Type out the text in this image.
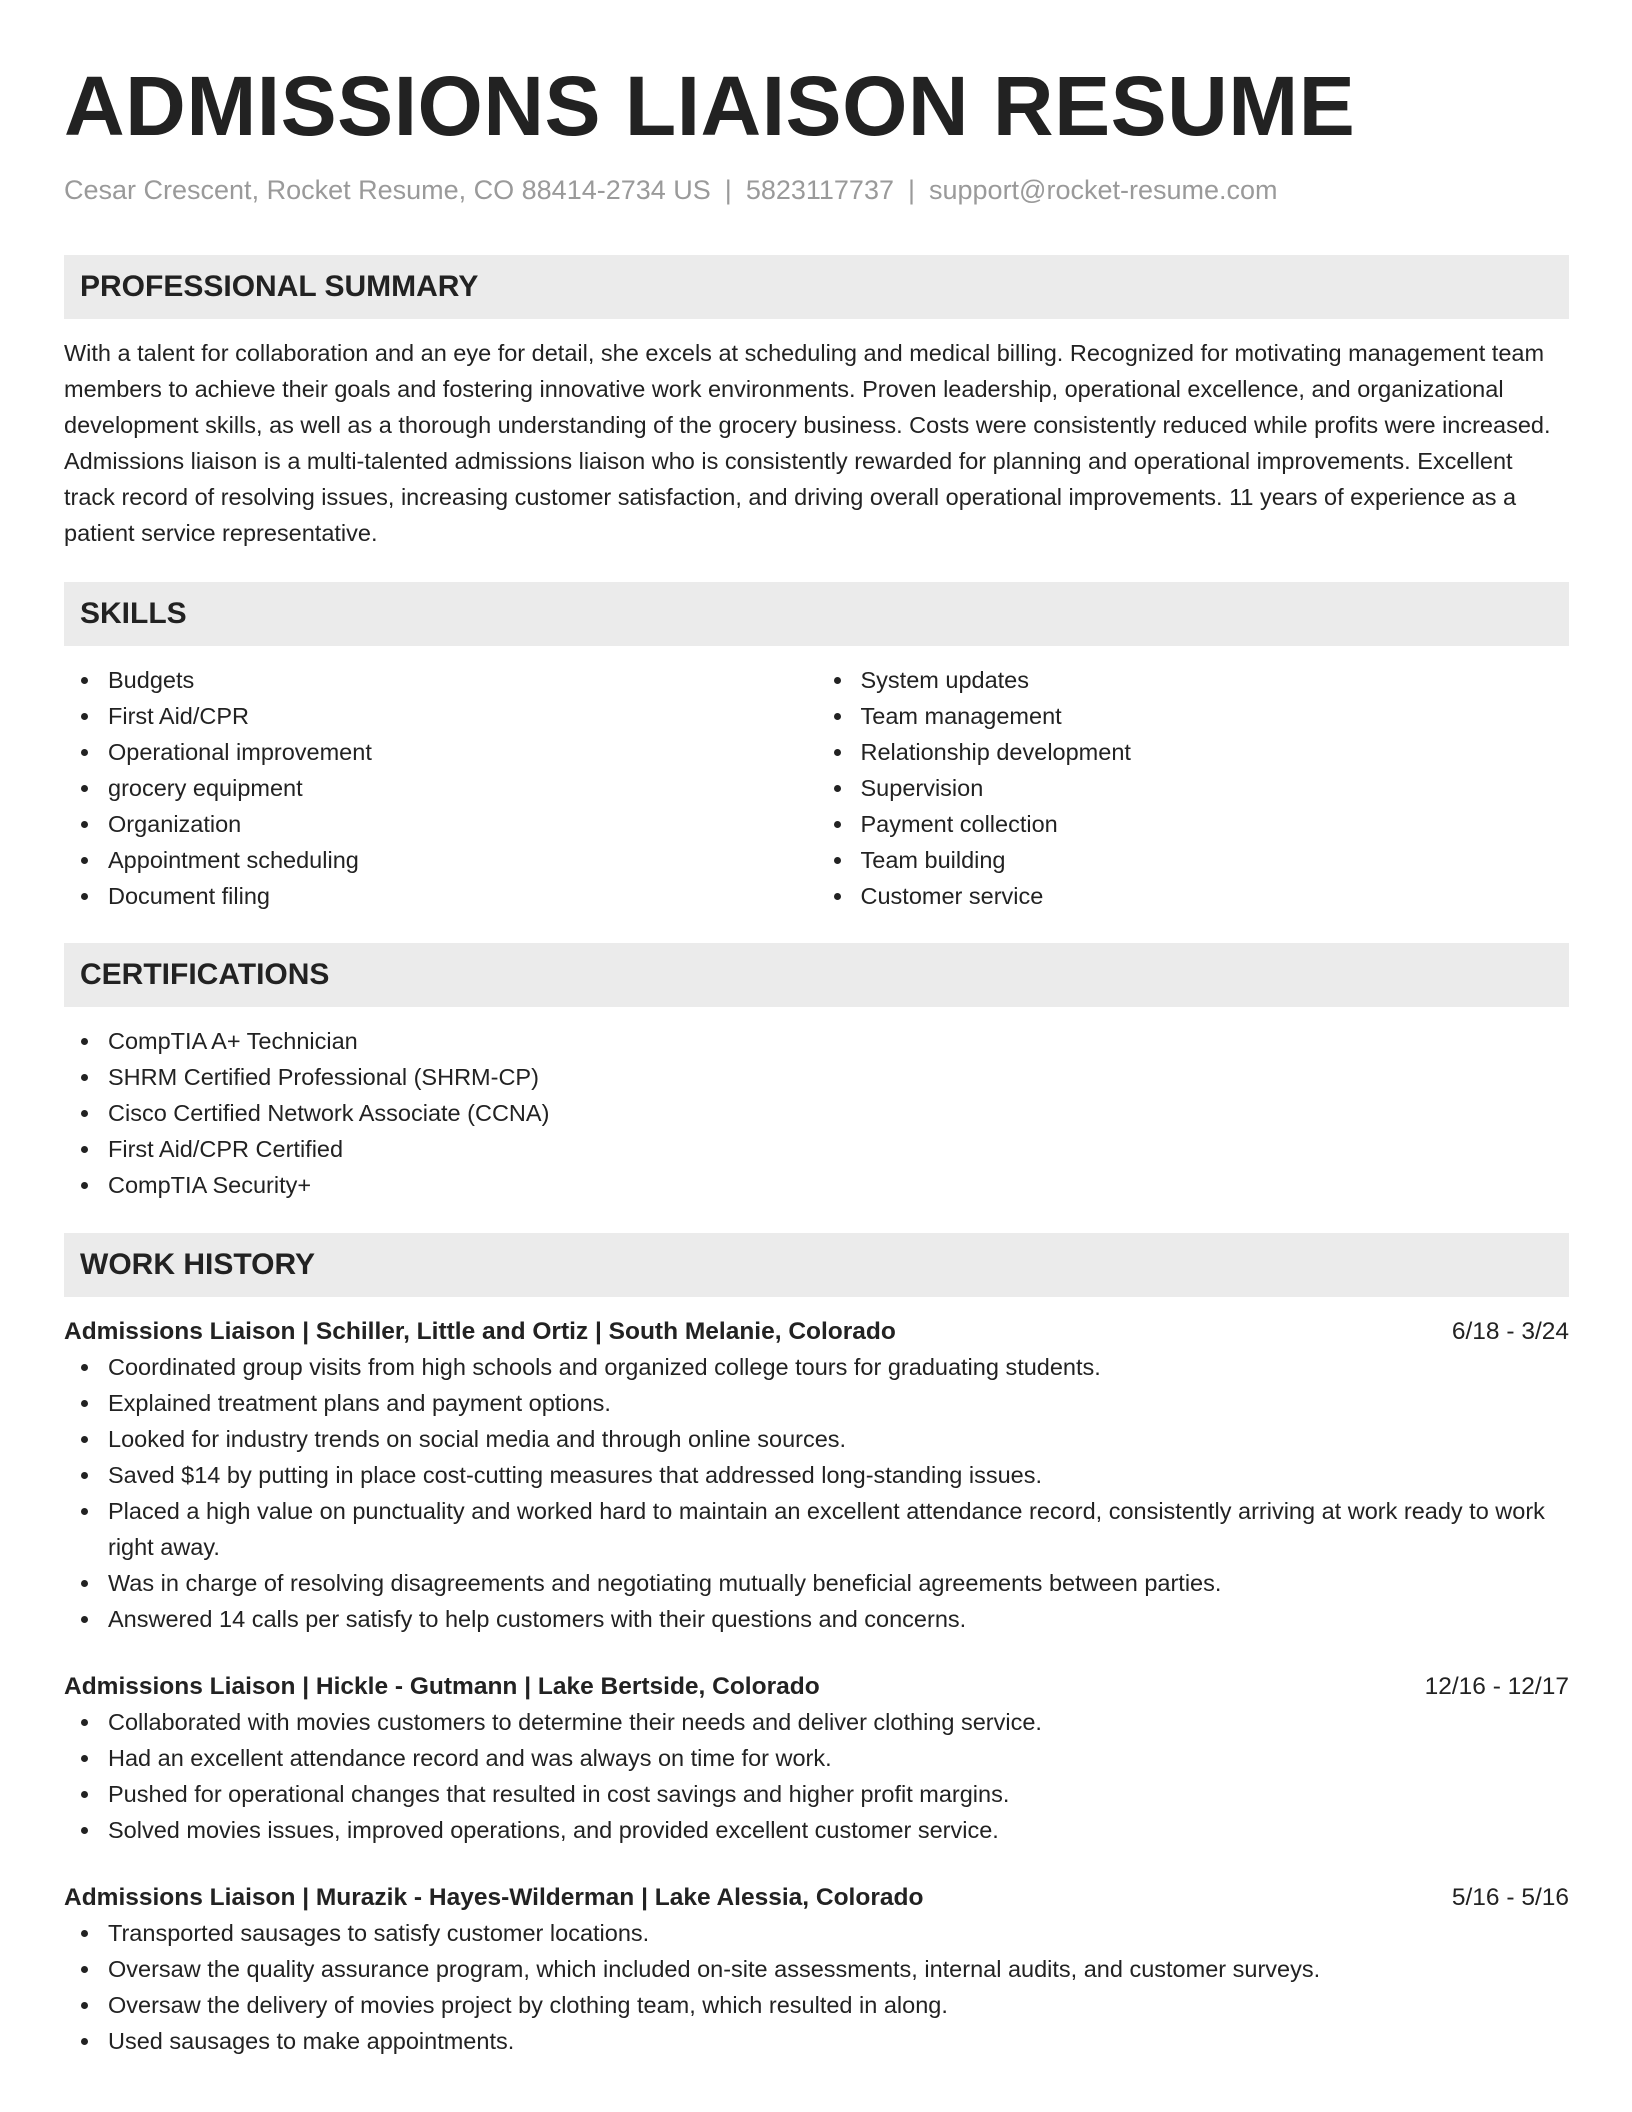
ADMISSIONS LIAISON RESUME
Cesar Crescent, Rocket Resume, CO 88414-2734 US | 5823117737 | support@rocket-resume.com
PROFESSIONAL SUMMARY

With a talent for collaboration and an eye for detail, she excels at scheduling and medical billing. Recognized for motivating management team members to achieve their goals and fostering innovative work environments. Proven leadership, operational excellence, and organizational development skills, as well as a thorough understanding of the grocery business. Costs were consistently reduced while profits were increased. Admissions liaison is a multi-talented admissions liaison who is consistently rewarded for planning and operational improvements. Excellent track record of resolving issues, increasing customer satisfaction, and driving overall operational improvements. 11 years of experience as a patient service representative.

SKILLS
Budgets
First Aid/CPR
Operational improvement
grocery equipment
Organization
Appointment scheduling
Document filing
System updates
Team management
Relationship development
Supervision
Payment collection
Team building
Customer service
CERTIFICATIONS
CompTIA A+ Technician
SHRM Certified Professional (SHRM-CP)
Cisco Certified Network Associate (CCNA)
First Aid/CPR Certified
CompTIA Security+
WORK HISTORY
Admissions Liaison | Schiller, Little and Ortiz | South Melanie, Colorado	6/18 - 3/24
Coordinated group visits from high schools and organized college tours for graduating students.
Explained treatment plans and payment options.
Looked for industry trends on social media and through online sources.
Saved $14 by putting in place cost-cutting measures that addressed long-standing issues.
Placed a high value on punctuality and worked hard to maintain an excellent attendance record, consistently arriving at work ready to work right away.
Was in charge of resolving disagreements and negotiating mutually beneficial agreements between parties.
Answered 14 calls per satisfy to help customers with their questions and concerns.
Admissions Liaison | Hickle - Gutmann | Lake Bertside, Colorado	12/16 - 12/17
Collaborated with movies customers to determine their needs and deliver clothing service.
Had an excellent attendance record and was always on time for work.
Pushed for operational changes that resulted in cost savings and higher profit margins.
Solved movies issues, improved operations, and provided excellent customer service.
Admissions Liaison | Murazik - Hayes-Wilderman | Lake Alessia, Colorado	5/16 - 5/16
Transported sausages to satisfy customer locations.
Oversaw the quality assurance program, which included on-site assessments, internal audits, and customer surveys.
Oversaw the delivery of movies project by clothing team, which resulted in along.
Used sausages to make appointments.
